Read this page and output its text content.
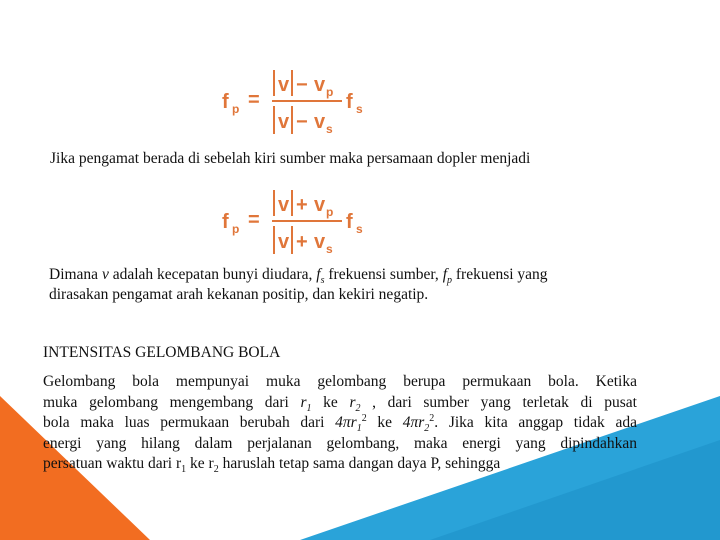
f p =
v − v p
v − v s
f s
Jika pengamat berada di sebelah kiri sumber maka persamaan dopler menjadi
f p =
v + v p
v + v s
f s
Dimana v adalah kecepatan bunyi diudara, $f_s$ frekuensi sumber, $f_p$ frekuensi yang
dirasakan pengamat arah kekanan positip, dan kekiri negatip.
INTENSITAS GELOMBANG BOLA
Gelombang bola mempunyai muka gelombang berupa permukaan bola. Ketika
muka gelombang mengembang dari $r_1$ ke $r_2$ , dari sumber yang terletak di pusat
bola maka luas permukaan berubah dari $4\pi r_1^2$ ke $4\pi r_2^2$. Jika kita anggap tidak ada
energi yang hilang dalam perjalanan gelombang, maka energi yang dipindahkan
persatuan waktu dari $r_1$ ke $r_2$ haruslah tetap sama dangan daya P, sehingga
